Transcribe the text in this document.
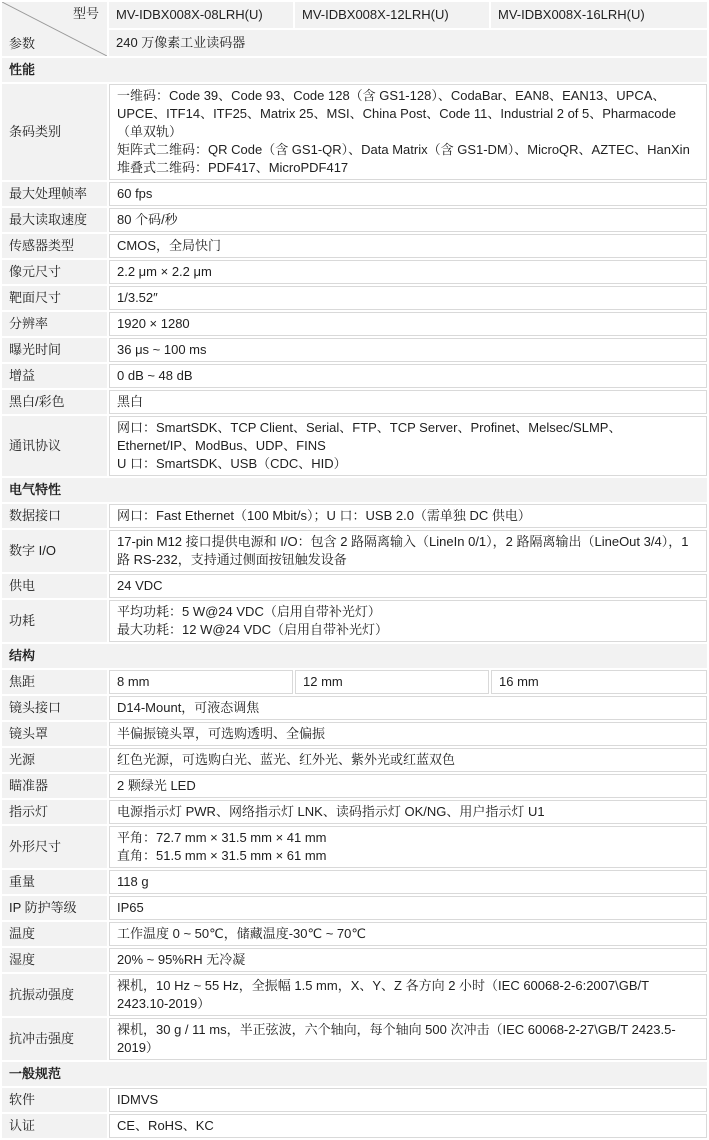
型号
参数	MV-IDBX008X-08LRH(U)	MV-IDBX008X-12LRH(U)	MV-IDBX008X-16LRH(U)
	240 万像素工业读码器		
性能			
条码类别	一维码：Code 39、Code 93、Code 128（含 GS1-128）、CodaBar、EAN8、EAN13、UPCA、UPCE、ITF14、ITF25、Matrix 25、MSI、China Post、Code 11、Industrial 2 of 5、Pharmacode（单双轨）
矩阵式二维码：QR Code（含 GS1-QR）、Data Matrix（含 GS1-DM）、MicroQR、AZTEC、HanXin
堆叠式二维码：PDF417、MicroPDF417		

最大处理帧率	60 fps		

最大读取速度	80 个码/秒		

传感器类型	CMOS，全局快门		

像元尺寸	2.2 μm × 2.2 μm		

靶面尺寸	1/3.52″		

分辨率	1920 × 1280		

曝光时间	36 μs ~ 100 ms		

增益	0 dB ~ 48 dB		

黑白/彩色	黑白		

通讯协议	网口：SmartSDK、TCP Client、Serial、FTP、TCP Server、Profinet、Melsec/SLMP、Ethernet/IP、ModBus、UDP、FINS
U 口：SmartSDK、USB（CDC、HID）		

电气特性			
数据接口	网口：Fast Ethernet（100 Mbit/s）；U 口：USB 2.0（需单独 DC 供电）		

数字 I/O	17-pin M12 接口提供电源和 I/O：包含 2 路隔离输入（LineIn 0/1），2 路隔离输出（LineOut 3/4），1 路 RS-232，支持通过侧面按钮触发设备		

供电	24 VDC		

功耗	平均功耗：5 W@24 VDC（启用自带补光灯）
最大功耗：12 W@24 VDC（启用自带补光灯）		

结构			
焦距	8 mm	12 mm	16 mm
镜头接口	D14-Mount，可液态调焦		

镜头罩	半偏振镜头罩，可选购透明、全偏振		

光源	红色光源，可选购白光、蓝光、红外光、紫外光或红蓝双色		

瞄准器	2 颗绿光 LED		

指示灯	电源指示灯 PWR、网络指示灯 LNK、读码指示灯 OK/NG、用户指示灯 U1		

外形尺寸	平角：72.7 mm × 31.5 mm × 41 mm
直角：51.5 mm × 31.5 mm × 61 mm		

重量	118 g		

IP 防护等级	IP65		

温度	工作温度 0 ~ 50℃，储藏温度-30℃ ~ 70℃		

湿度	20% ~ 95%RH 无冷凝		

抗振动强度	裸机，10 Hz ~ 55 Hz，全振幅 1.5 mm，X、Y、Z 各方向 2 小时（IEC 60068-2-6:2007\GB/T 2423.10-2019）		

抗冲击强度	裸机，30 g / 11 ms，半正弦波，六个轴向，每个轴向 500 次冲击（IEC 60068-2-27\GB/T 2423.5-2019）		

一般规范			
软件	IDMVS		

认证	CE、RoHS、KC		
